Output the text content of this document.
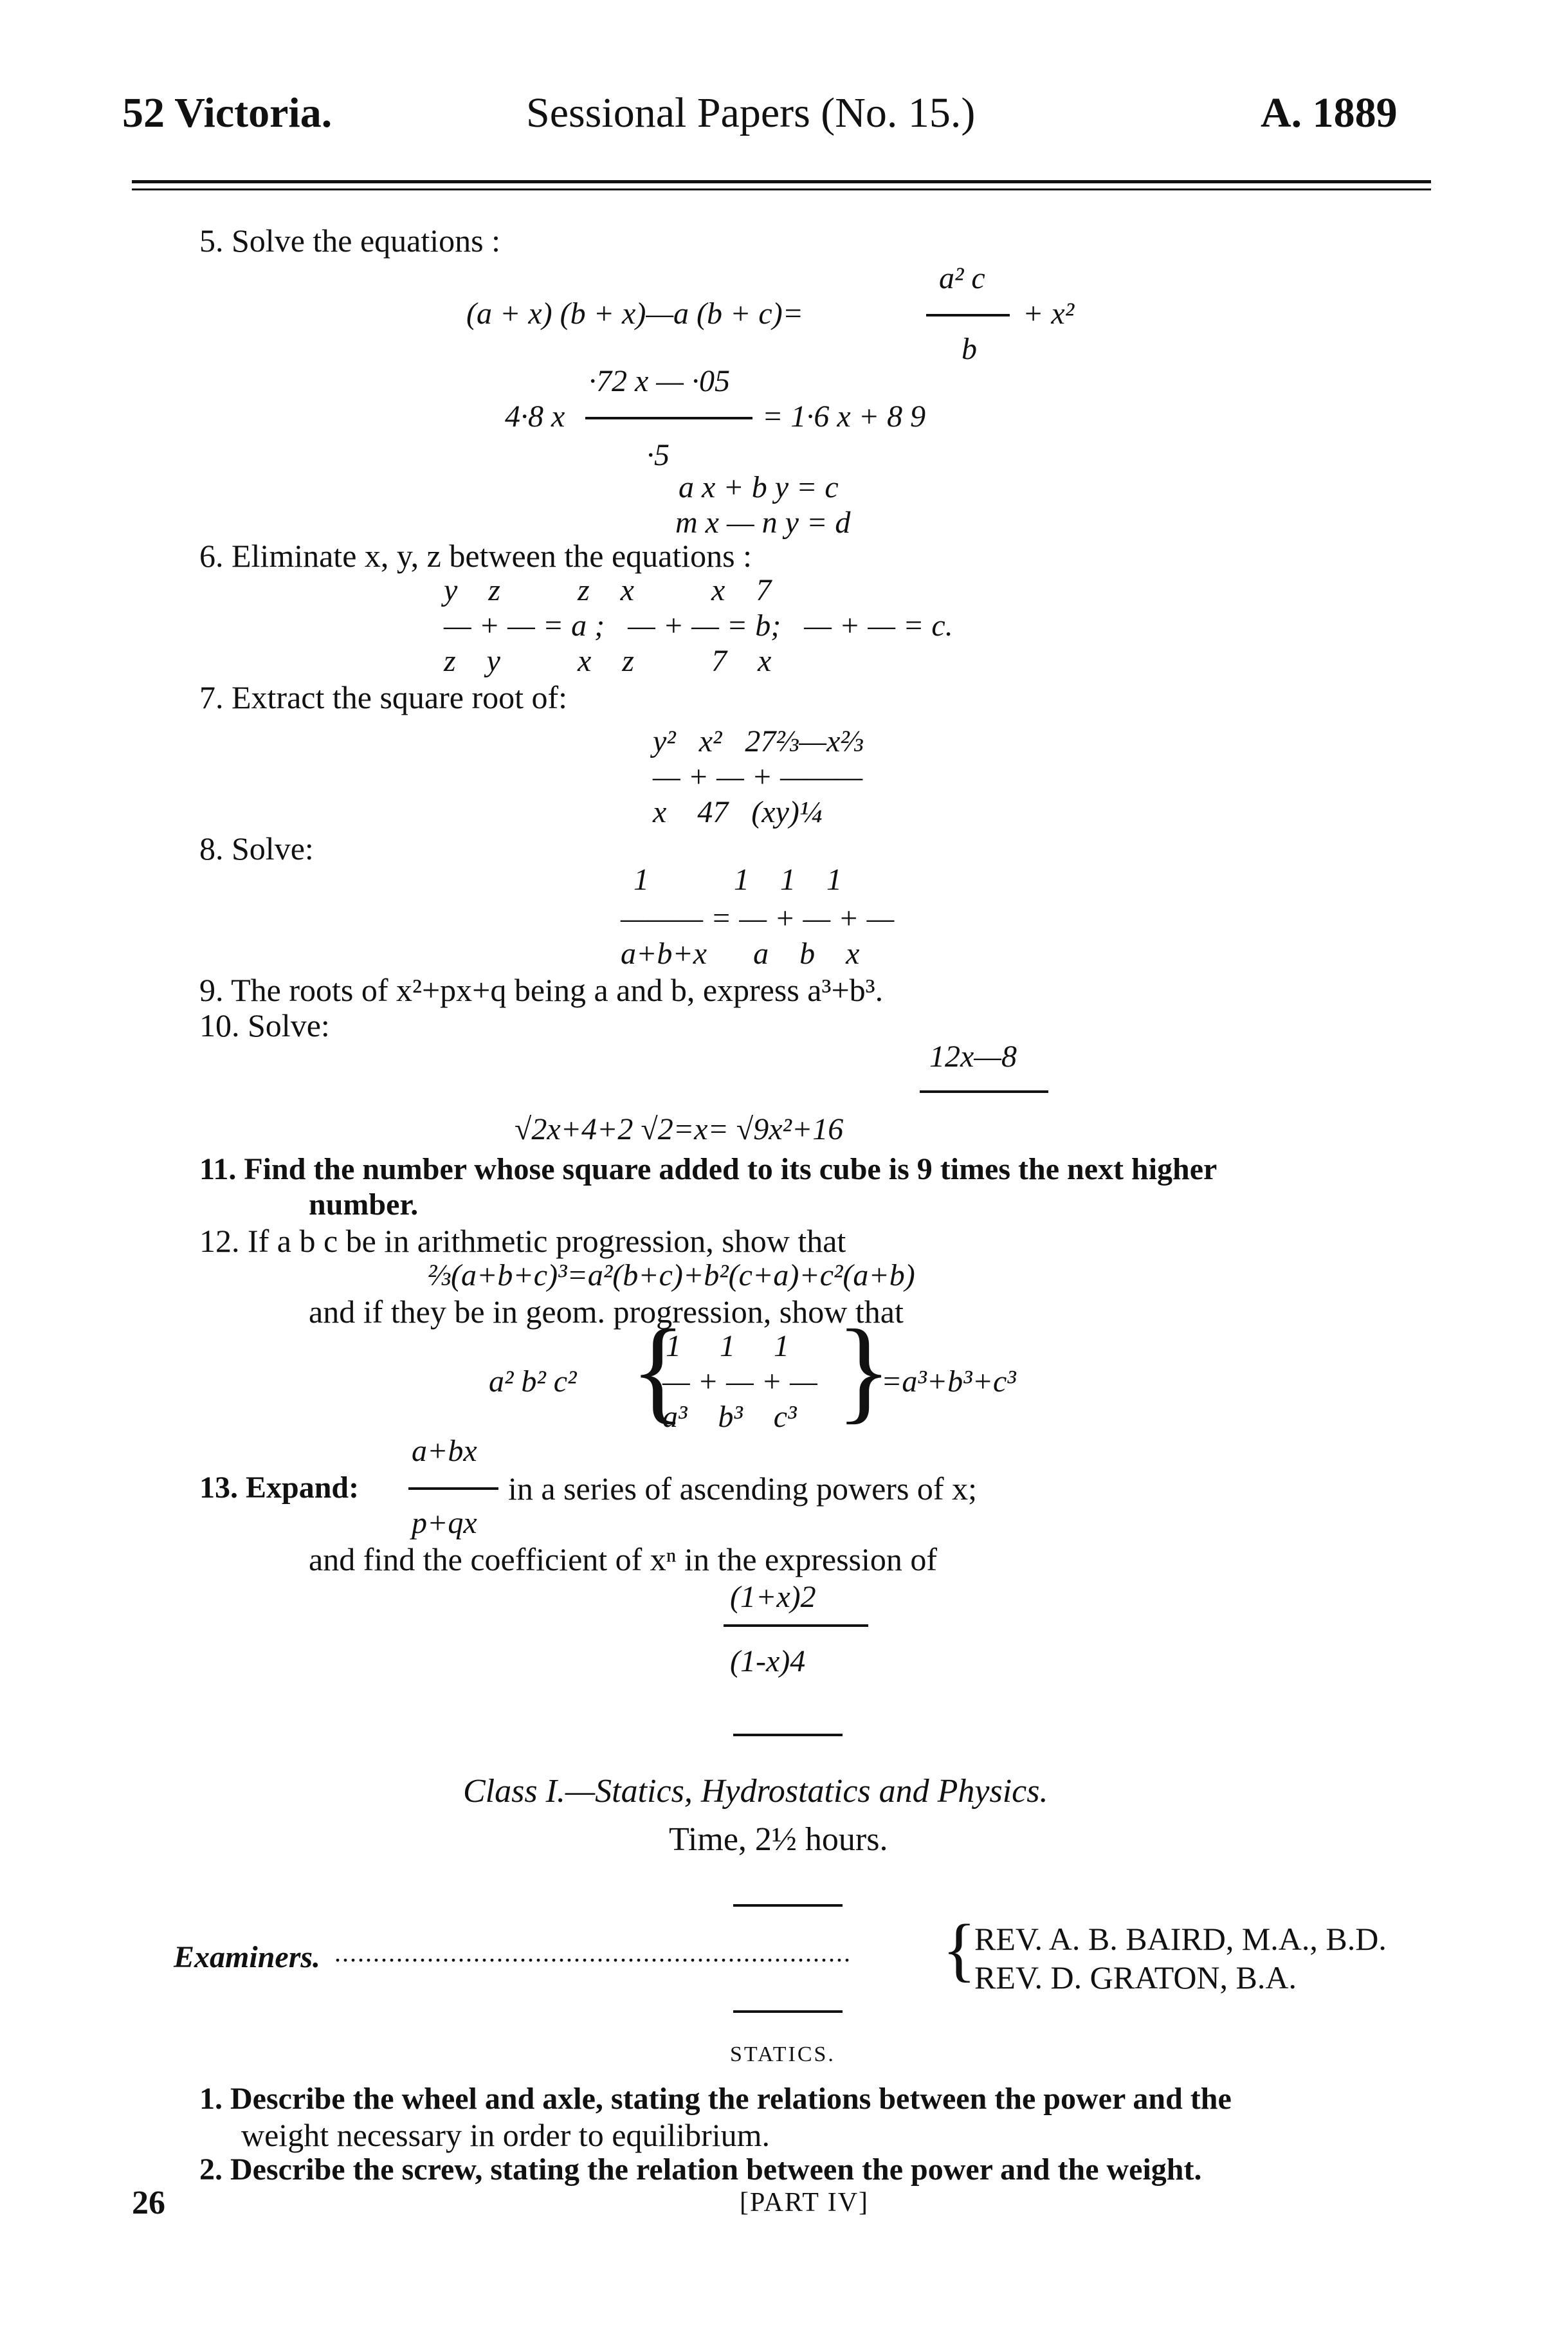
52 Victoria.	Sessional Papers (No. 15.)	A. 1889
5. Solve the equations :
a² c
(a + x) (b + x)—a (b + c)=	+ x²
b
·72 x — ·05
4·8 x	= 1·6 x + 8 9
·5
a x + b y = c
m x — n y = d
6. Eliminate x, y, z between the equations :
y    z          z    x          x    7
— + — = a ;   — + — = b;   — + — = c.
z    y          x    z          7    x
7. Extract the square root of:
y²   x²   27⅔—x⅔
— + — + ———
x    47   (xy)¼
8. Solve:
1           1    1    1
——— = — + — + —
a+b+x      a    b    x
9. The roots of x²+px+q being a and b, express a³+b³.
10. Solve:
12x—8
√2x+4+2 √2=x= √9x²+16
11. Find the number whose square added to its cube is 9 times the next higher
number.
12. If a b c be in arithmetic progression, show that
⅔(a+b+c)³=a²(b+c)+b²(c+a)+c²(a+b)
and if they be in geom. progression, show that
1     1     1
a² b² c² {
— + — + — }
=a³+b³+c³
a³    b³    c³
a+bx
13. Expand:	in a series of ascending powers of x;
p+qx
and find the coefficient of xⁿ in the expression of
(1+x)2
(1-x)4
Class I.—Statics, Hydrostatics and Physics.
Time, 2½ hours.
Examiners. ................................................................... {
REV. A. B. BAIRD, M.A., B.D.
REV. D. GRATON, B.A.
STATICS.
1. Describe the wheel and axle, stating the relations between the power and the
weight necessary in order to equilibrium.
2. Describe the screw, stating the relation between the power and the weight.
26	[PART IV]
